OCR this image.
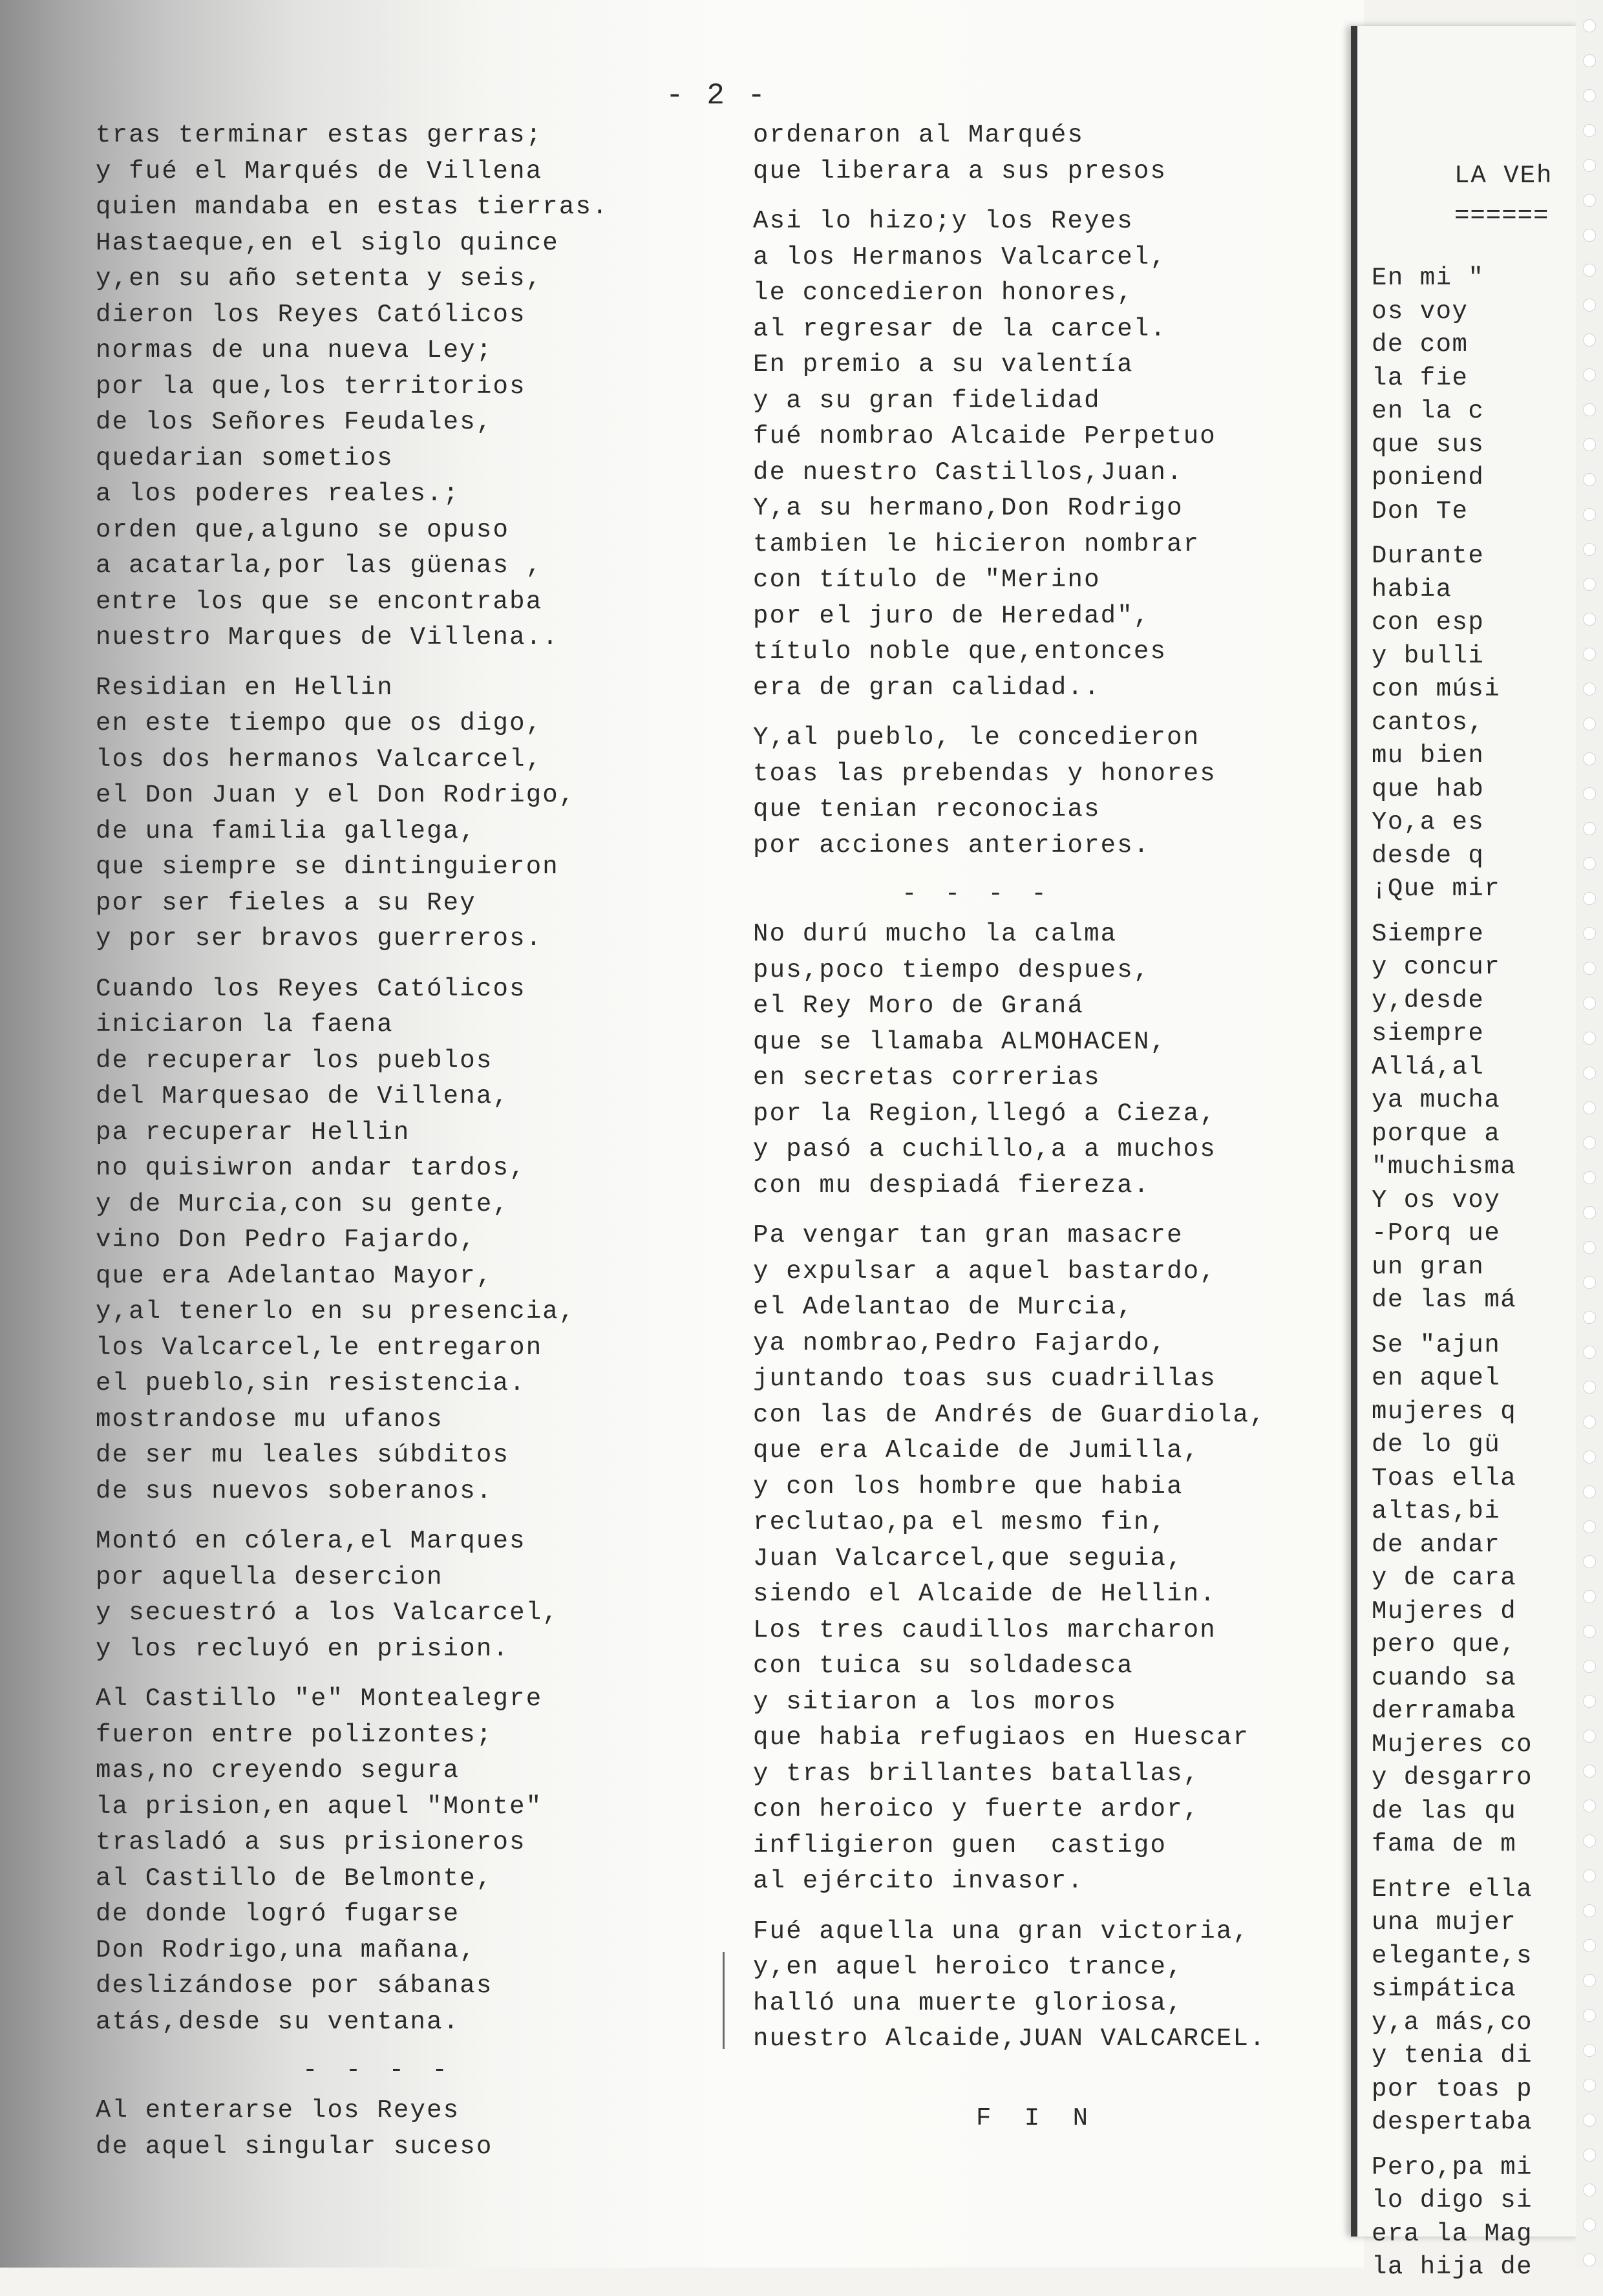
- 2 -
tras terminar estas gerras;
y fué el Marqués de Villena
quien mandaba en estas tierras.
Hastaeque,en el siglo quince
y,en su año setenta y seis,
dieron los Reyes Católicos
normas de una nueva Ley;
por la que,los territorios
de los Señores Feudales,
quedarian sometios
a los poderes reales.;
orden que,alguno se opuso
a acatarla,por las güenas ,
entre los que se encontraba
nuestro Marques de Villena..
Residian en Hellin
en este tiempo que os digo,
los dos hermanos Valcarcel,
el Don Juan y el Don Rodrigo,
de una familia gallega,
que siempre se dintinguieron
por ser fieles a su Rey
y por ser bravos guerreros.
Cuando los Reyes Católicos
iniciaron la faena
de recuperar los pueblos
del Marquesao de Villena,
pa recuperar Hellin
no quisiwron andar tardos,
y de Murcia,con su gente,
vino Don Pedro Fajardo,
que era Adelantao Mayor,
y,al tenerlo en su presencia,
los Valcarcel,le entregaron
el pueblo,sin resistencia.
mostrandose mu ufanos
de ser mu leales súbditos
de sus nuevos soberanos.
Montó en cólera,el Marques
por aquella desercion
y secuestró a los Valcarcel,
y los recluyó en prision.
Al Castillo "e" Montealegre
fueron entre polizontes;
mas,no creyendo segura
la prision,en aquel "Monte"
trasladó a sus prisioneros
al Castillo de Belmonte,
de donde logró fugarse
Don Rodrigo,una mañana,
deslizándose por sábanas
atás,desde su ventana.
- - - -
Al enterarse los Reyes
de aquel singular suceso
ordenaron al Marqués
que liberara a sus presos
Asi lo hizo;y los Reyes
a los Hermanos Valcarcel,
le concedieron honores,
al regresar de la carcel.
En premio a su valentía
y a su gran fidelidad
fué nombrao Alcaide Perpetuo
de nuestro Castillos,Juan.
Y,a su hermano,Don Rodrigo
tambien le hicieron nombrar
con título de "Merino
por el juro de Heredad",
título noble que,entonces
era de gran calidad..
Y,al pueblo, le concedieron
toas las prebendas y honores
que tenian reconocias
por acciones anteriores.
- - - -
No durú mucho la calma
pus,poco tiempo despues,
el Rey Moro de Graná
que se llamaba ALMOHACEN,
en secretas correrias
por la Region,llegó a Cieza,
y pasó a cuchillo,a a muchos
con mu despiadá fiereza.
Pa vengar tan gran masacre
y expulsar a aquel bastardo,
el Adelantao de Murcia,
ya nombrao,Pedro Fajardo,
juntando toas sus cuadrillas
con las de Andrés de Guardiola,
que era Alcaide de Jumilla,
y con los hombre que habia
reclutao,pa el mesmo fin,
Juan Valcarcel,que seguia,
siendo el Alcaide de Hellin.
Los tres caudillos marcharon
con tuica su soldadesca
y sitiaron a los moros
que habia refugiaos en Huescar
y tras brillantes batallas,
con heroico y fuerte ardor,
infligieron guen  castigo
al ejército invasor.
Fué aquella una gran victoria,
y,en aquel heroico trance,
halló una muerte gloriosa,
nuestro Alcaide,JUAN VALCARCEL.
F I N
LA VEh
======
En mi "
os voy
de com
la fie
en la c
que sus
poniend
Don Te
Durante
habia
con esp
y bulli
con músi
cantos,
mu bien
que hab
Yo,a es
desde q
¡Que mir
Siempre
y concur
y,desde
siempre
Allá,al
ya mucha
porque a
"muchisma
Y os voy
-Porq ue
un gran
de las má
Se "ajun
en aquel
mujeres q
de lo gü
Toas ella
altas,bi
de andar
y de cara
Mujeres d
pero que,
cuando sa
derramaba
Mujeres co
y desgarro
de las qu
fama de m
Entre ella
una mujer
elegante,s
simpática
y,a más,co
y tenia di
por toas p
despertaba
Pero,pa mi
lo digo si
era la Mag
la hija de
